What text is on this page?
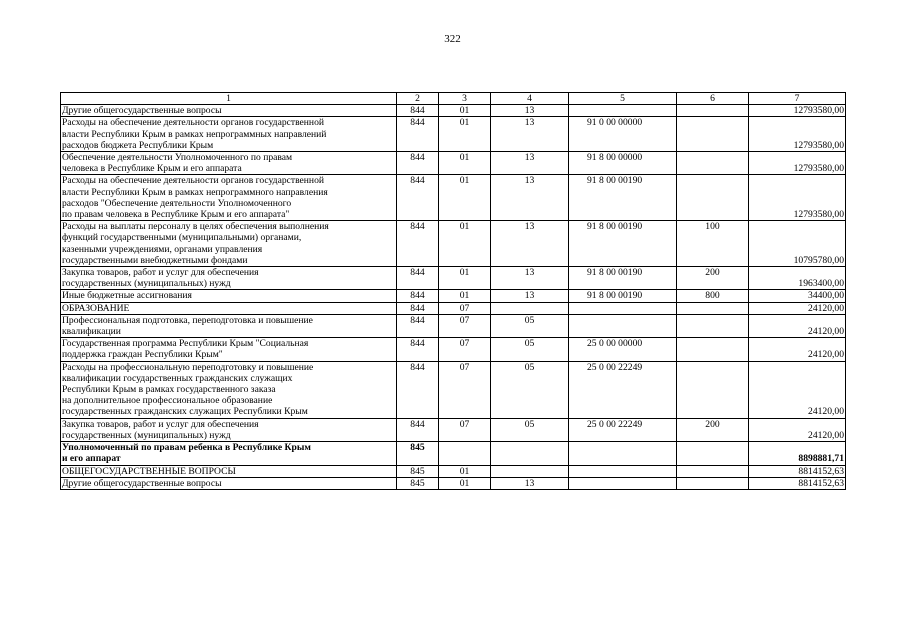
322
1	2	3	4	5	6	7
Другие общегосударственные вопросы	844	01	13			12793580,00
Расходы на обеспечение деятельности органов государственной
власти Республики Крым в рамках непрограммных направлений
расходов бюджета Республики Крым	844	01	13	91 0 00 00000		12793580,00
Обеспечение деятельности Уполномоченного по правам
человека в Республике Крым и его аппарата	844	01	13	91 8 00 00000		12793580,00
Расходы на обеспечение деятельности органов государственной
власти Республики Крым в рамках непрограммного направления
расходов "Обеспечение деятельности Уполномоченного
по правам человека в Республике Крым и его аппарата"	844	01	13	91 8 00 00190		12793580,00
Расходы на выплаты персоналу в целях обеспечения выполнения
функций государственными (муниципальными) органами,
казенными учреждениями, органами управления
государственными внебюджетными фондами	844	01	13	91 8 00 00190	100	10795780,00
Закупка товаров, работ и услуг для обеспечения
государственных (муниципальных) нужд	844	01	13	91 8 00 00190	200	1963400,00
Иные бюджетные ассигнования	844	01	13	91 8 00 00190	800	34400,00
ОБРАЗОВАНИЕ	844	07				24120,00
Профессиональная подготовка, переподготовка и повышение
квалификации	844	07	05			24120,00
Государственная программа Республики Крым "Социальная
поддержка граждан Республики Крым"	844	07	05	25 0 00 00000		24120,00
Расходы на профессиональную переподготовку и повышение
квалификации государственных гражданских служащих
Республики Крым в рамках государственного заказа
на дополнительное профессиональное образование
государственных гражданских служащих Республики Крым	844	07	05	25 0 00 22249		24120,00
Закупка товаров, работ и услуг для обеспечения
государственных (муниципальных) нужд	844	07	05	25 0 00 22249	200	24120,00
Уполномоченный по правам ребенка в Республике Крым
и его аппарат	845					8898881,71
ОБЩЕГОСУДАРСТВЕННЫЕ ВОПРОСЫ	845	01				8814152,63
Другие общегосударственные вопросы	845	01	13			8814152,63
